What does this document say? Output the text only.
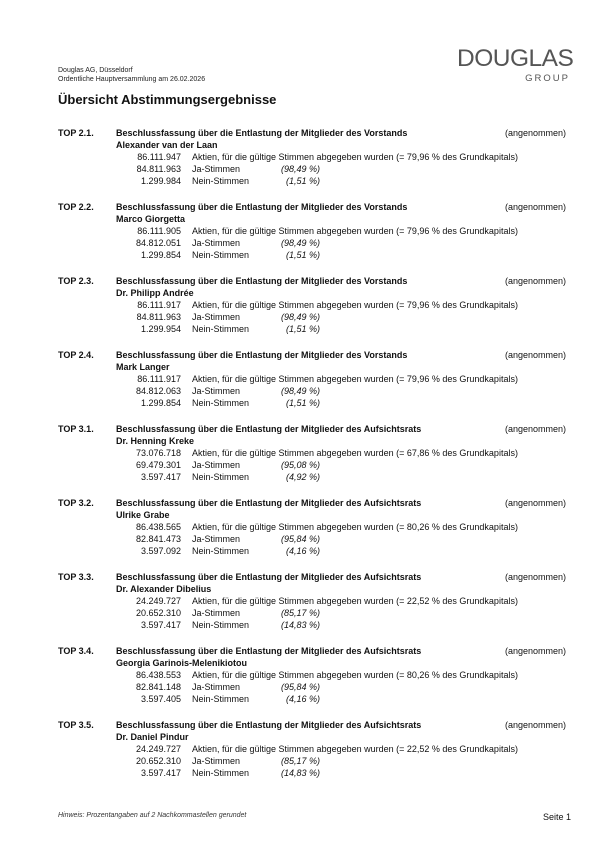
Douglas AG, Düsseldorf
Ordentliche Hauptversammlung am 26.02.2026
DOUGLAS
GROUP
Übersicht Abstimmungsergebnisse
TOP 2.1. Beschlussfassung über die Entlastung der Mitglieder des Vorstands	(angenommen)
Alexander van der Laan
86.111.947 Aktien, für die gültige Stimmen abgegeben wurden (= 79,96 % des Grundkapitals)
84.811.963 Ja-Stimmen	(98,49 %)
1.299.984 Nein-Stimmen	(1,51 %)
TOP 2.2. Beschlussfassung über die Entlastung der Mitglieder des Vorstands	(angenommen)
Marco Giorgetta
86.111.905 Aktien, für die gültige Stimmen abgegeben wurden (= 79,96 % des Grundkapitals)
84.812.051 Ja-Stimmen	(98,49 %)
1.299.854 Nein-Stimmen	(1,51 %)
TOP 2.3. Beschlussfassung über die Entlastung der Mitglieder des Vorstands	(angenommen)
Dr. Philipp Andrée
86.111.917 Aktien, für die gültige Stimmen abgegeben wurden (= 79,96 % des Grundkapitals)
84.811.963 Ja-Stimmen	(98,49 %)
1.299.954 Nein-Stimmen	(1,51 %)
TOP 2.4. Beschlussfassung über die Entlastung der Mitglieder des Vorstands	(angenommen)
Mark Langer
86.111.917 Aktien, für die gültige Stimmen abgegeben wurden (= 79,96 % des Grundkapitals)
84.812.063 Ja-Stimmen	(98,49 %)
1.299.854 Nein-Stimmen	(1,51 %)
TOP 3.1. Beschlussfassung über die Entlastung der Mitglieder des Aufsichtsrats	(angenommen)
Dr. Henning Kreke
73.076.718 Aktien, für die gültige Stimmen abgegeben wurden (= 67,86 % des Grundkapitals)
69.479.301 Ja-Stimmen	(95,08 %)
3.597.417 Nein-Stimmen	(4,92 %)
TOP 3.2. Beschlussfassung über die Entlastung der Mitglieder des Aufsichtsrats	(angenommen)
Ulrike Grabe
86.438.565 Aktien, für die gültige Stimmen abgegeben wurden (= 80,26 % des Grundkapitals)
82.841.473 Ja-Stimmen	(95,84 %)
3.597.092 Nein-Stimmen	(4,16 %)
TOP 3.3. Beschlussfassung über die Entlastung der Mitglieder des Aufsichtsrats	(angenommen)
Dr. Alexander Dibelius
24.249.727 Aktien, für die gültige Stimmen abgegeben wurden (= 22,52 % des Grundkapitals)
20.652.310 Ja-Stimmen	(85,17 %)
3.597.417 Nein-Stimmen	(14,83 %)
TOP 3.4. Beschlussfassung über die Entlastung der Mitglieder des Aufsichtsrats	(angenommen)
Georgia Garinois-Melenikiotou
86.438.553 Aktien, für die gültige Stimmen abgegeben wurden (= 80,26 % des Grundkapitals)
82.841.148 Ja-Stimmen	(95,84 %)
3.597.405 Nein-Stimmen	(4,16 %)
TOP 3.5. Beschlussfassung über die Entlastung der Mitglieder des Aufsichtsrats	(angenommen)
Dr. Daniel Pindur
24.249.727 Aktien, für die gültige Stimmen abgegeben wurden (= 22,52 % des Grundkapitals)
20.652.310 Ja-Stimmen	(85,17 %)
3.597.417 Nein-Stimmen	(14,83 %)
Hinweis: Prozentangaben auf 2 Nachkommastellen gerundet	Seite 1
